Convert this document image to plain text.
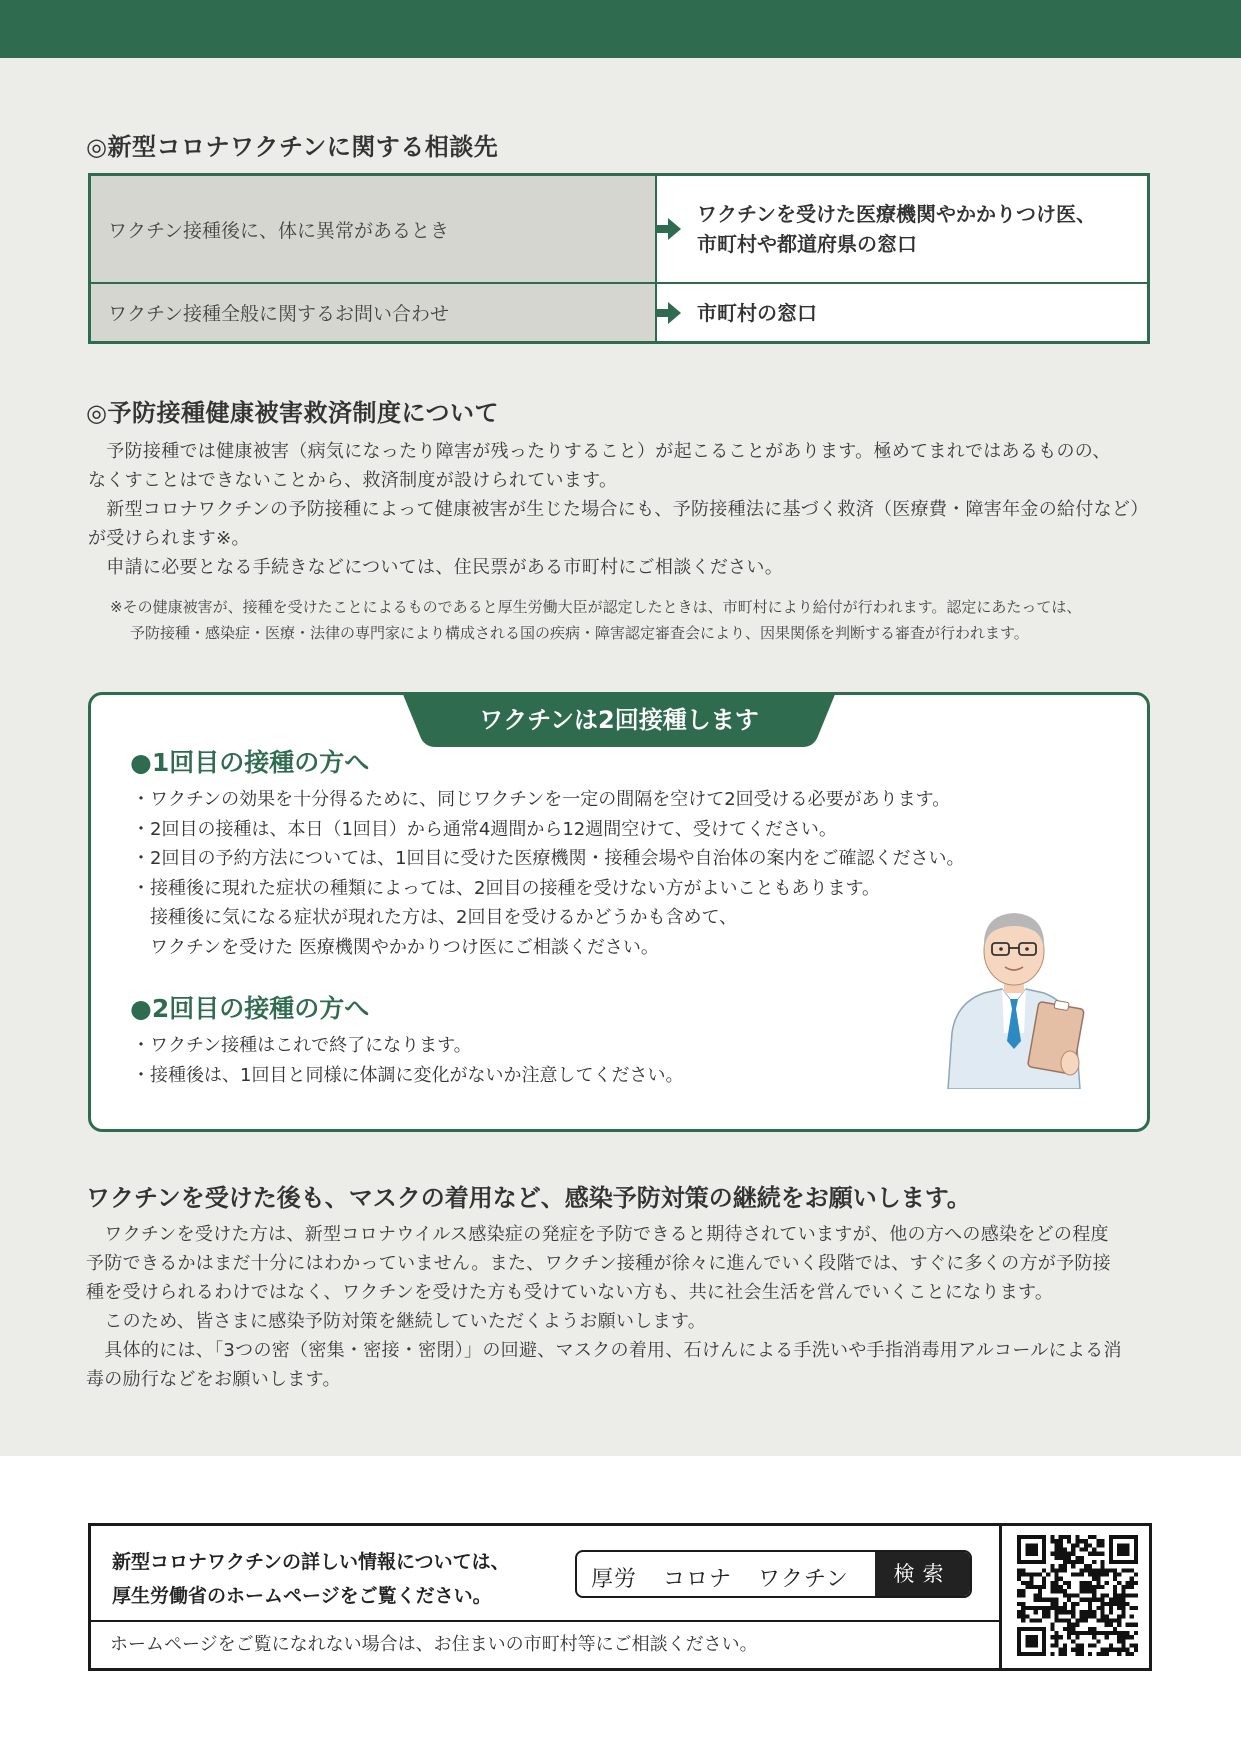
◎新型コロナワクチンに関する相談先
ワクチン接種後に、体に異常があるとき
ワクチンを受けた医療機関やかかりつけ医、
市町村や都道府県の窓口
ワクチン接種全般に関するお問い合わせ	市町村の窓口
◎予防接種健康被害救済制度について
　予防接種では健康被害（病気になったり障害が残ったりすること）が起こることがあります。極めてまれではあるものの、
なくすことはできないことから、救済制度が設けられています。
　新型コロナワクチンの予防接種によって健康被害が生じた場合にも、予防接種法に基づく救済（医療費・障害年金の給付など）
が受けられます※。
　申請に必要となる手続きなどについては、住民票がある市町村にご相談ください。
※その健康被害が、接種を受けたことによるものであると厚生労働大臣が認定したときは、市町村により給付が行われます。認定にあたっては、
予防接種・感染症・医療・法律の専門家により構成される国の疾病・障害認定審査会により、因果関係を判断する審査が行われます。
ワクチンは2回接種します
●1回目の接種の方へ
・ワクチンの効果を十分得るために、同じワクチンを一定の間隔を空けて2回受ける必要があります。
・2回目の接種は、本日（1回目）から通常4週間から12週間空けて、受けてください。
・2回目の予約方法については、1回目に受けた医療機関・接種会場や自治体の案内をご確認ください。
・接種後に現れた症状の種類によっては、2回目の接種を受けない方がよいこともあります。
　接種後に気になる症状が現れた方は、2回目を受けるかどうかも含めて、
　ワクチンを受けた 医療機関やかかりつけ医にご相談ください。
●2回目の接種の方へ
・ワクチン接種はこれで終了になります。
・接種後は、1回目と同様に体調に変化がないか注意してください。
ワクチンを受けた後も、マスクの着用など、感染予防対策の継続をお願いします。
　ワクチンを受けた方は、新型コロナウイルス感染症の発症を予防できると期待されていますが、他の方への感染をどの程度
予防できるかはまだ十分にはわかっていません。また、ワクチン接種が徐々に進んでいく段階では、すぐに多くの方が予防接
種を受けられるわけではなく、ワクチンを受けた方も受けていない方も、共に社会生活を営んでいくことになります。
　このため、皆さまに感染予防対策を継続していただくようお願いします。
　具体的には、「3つの密（密集・密接・密閉）」の回避、マスクの着用、石けんによる手洗いや手指消毒用アルコールによる消
毒の励行などをお願いします。
新型コロナワクチンの詳しい情報については、
厚生労働省のホームページをご覧ください。
厚労 コロナ ワクチン	検索
ホームページをご覧になれない場合は、お住まいの市町村等にご相談ください。
